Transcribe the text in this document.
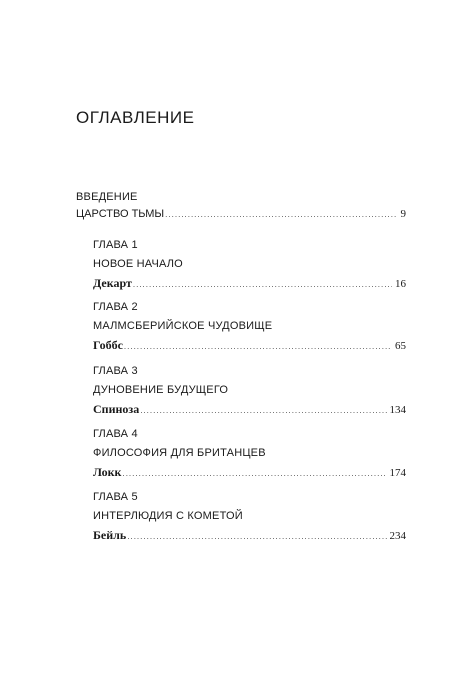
ОГЛАВЛЕНИЕ
ВВЕДЕНИЕ
ЦАРСТВО ТЬМЫ .....	9
ГЛАВА 1
НОВОЕ НАЧАЛО
Декарт .....	16
ГЛАВА 2
МАЛМСБЕРИЙСКОЕ ЧУДОВИЩЕ
Гоббс .....	65
ГЛАВА 3
ДУНОВЕНИЕ БУДУЩЕГО
Спиноза .....	134
ГЛАВА 4
ФИЛОСОФИЯ ДЛЯ БРИТАНЦЕВ
Локк .....	174
ГЛАВА 5
ИНТЕРЛЮДИЯ С КОМЕТОЙ
Бейль .....	234
